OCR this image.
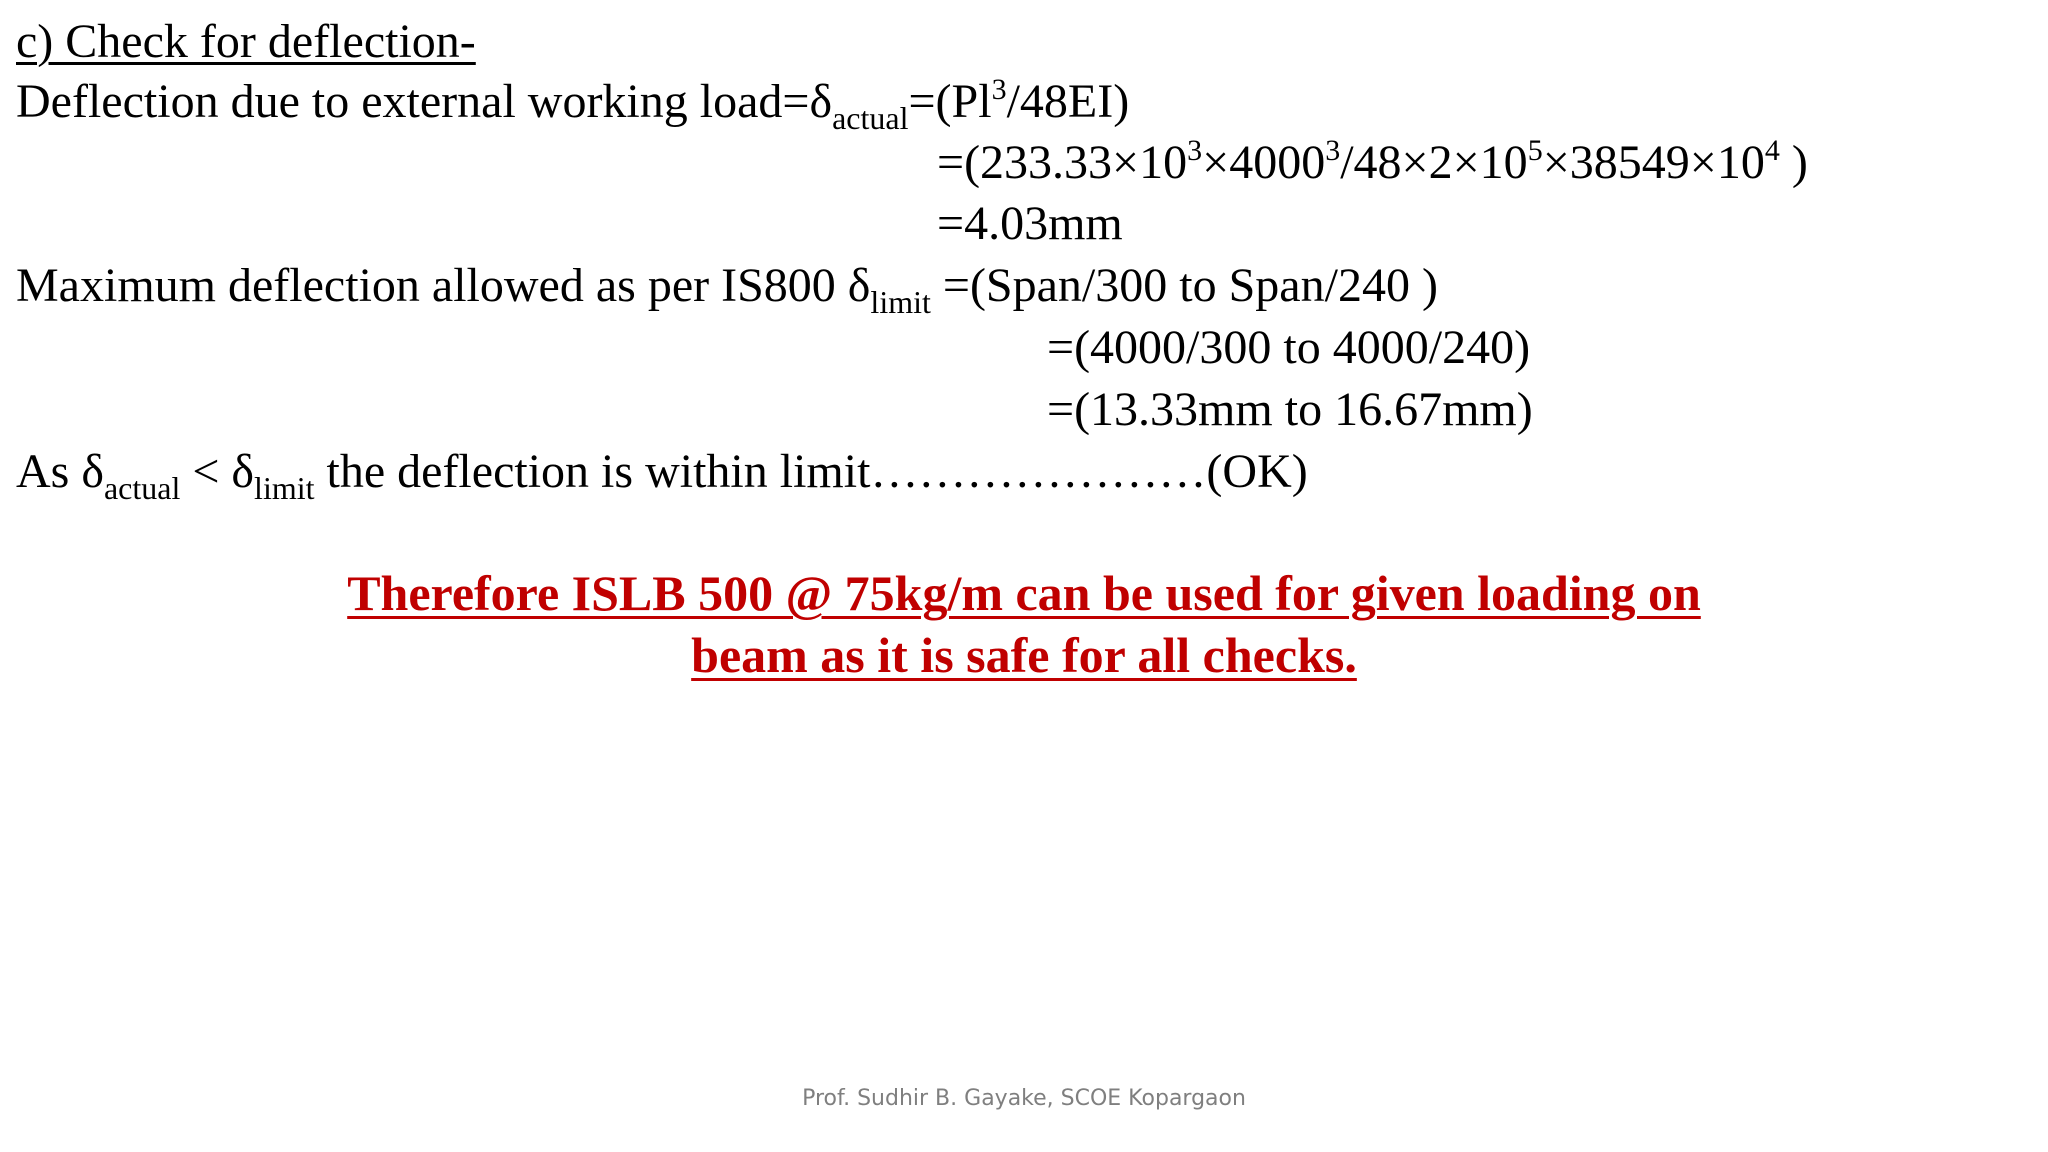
c) Check for deflection-
Deflection due to external working $load=\delta_{actual}=(Pl^3/48EI)$
$=(233.33\times 10^3\times 4000^3/48\times 2\times 10^5\times 38549\times 10^4$ )
=4.03mm
Maximum deflection allowed as per IS800 $\delta_{limit}$ =(Span/300 to Span/240 )
=(4000/300 to 4000/240)
=(13.33mm to 16.67mm)
As $\delta_{actual} < \delta_{limit}$ the deflection is within limit…………………(OK)
Therefore ISLB 500 @ 75kg/m can be used for given loading on
beam as it is safe for all checks.
Prof. Sudhir B. Gayake, SCOE Kopargaon
